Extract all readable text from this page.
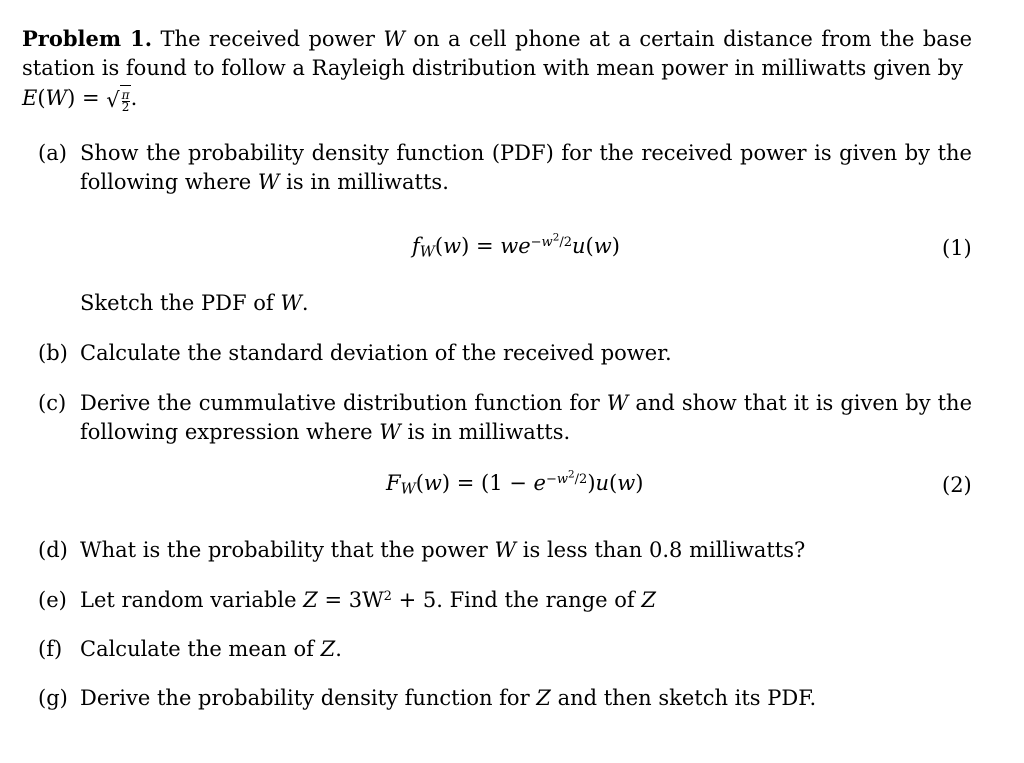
Problem 1. The received power W on a cell phone at a certain distance from the base station is found to follow a Rayleigh distribution with mean power in milliwatts given by
E(W) = √ $\frac{\pi}{2}$ .
(a) Show the probability density function (PDF) for the received power is given by the following where W is in milliwatts.
$f_W(w) = we^{-w^2/2}u(w)$	(1)
Sketch the PDF of W.
(b) Calculate the standard deviation of the received power.
(c) Derive the cummulative distribution function for W and show that it is given by the following expression where W is in milliwatts.
$F_W(w) = (1 - e^{-w^2/2})u(w)$	(2)
(d) What is the probability that the power W is less than 0.8 milliwatts?
(e) Let random variable $Z = 3W^2 + 5$. Find the range of Z
(f) Calculate the mean of Z.
(g) Derive the probability density function for Z and then sketch its PDF.
